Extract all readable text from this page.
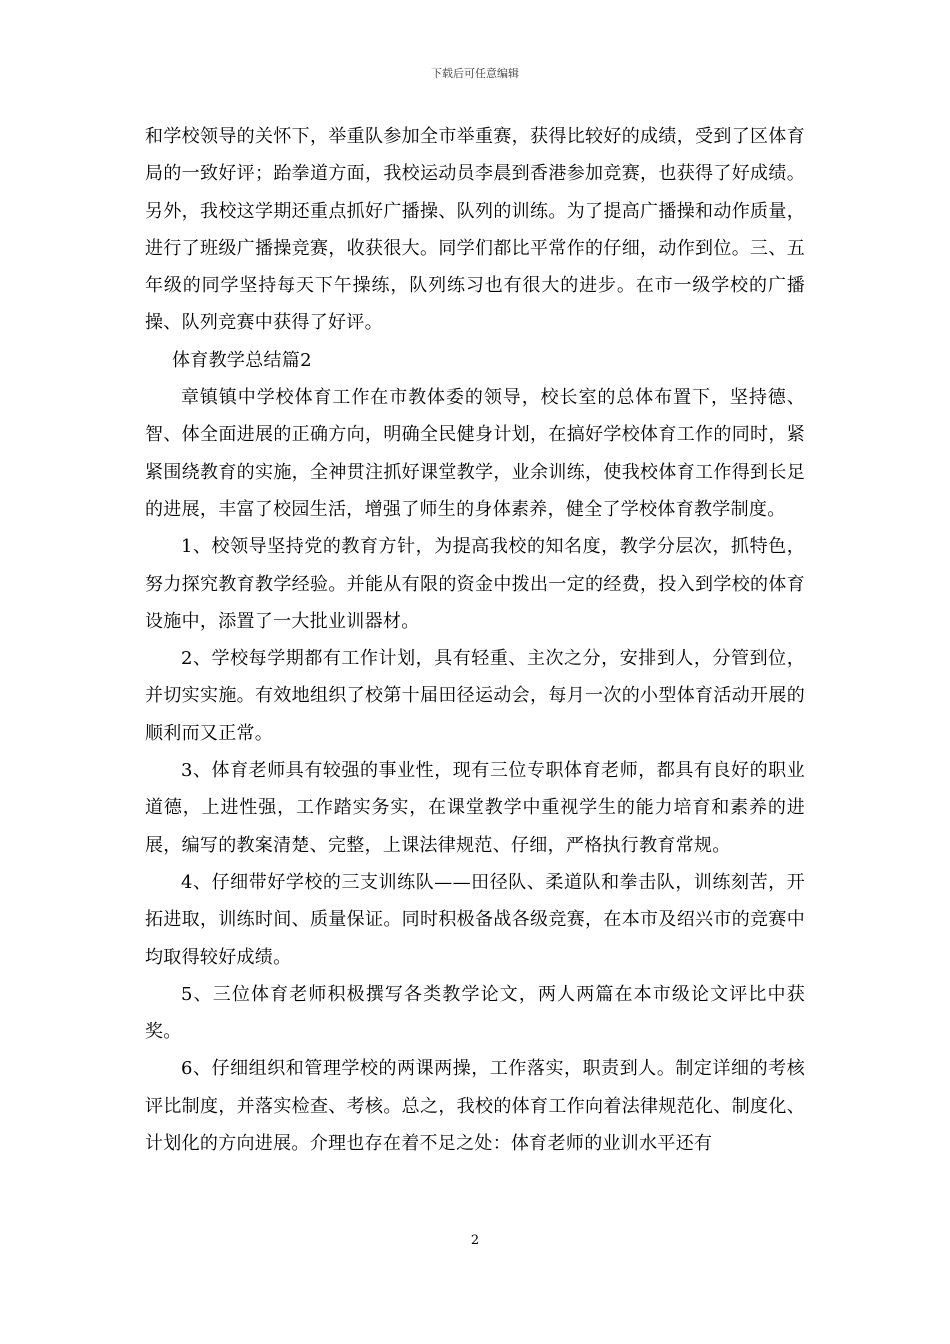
下载后可任意编辑

和学校领导的关怀下，举重队参加全市举重赛，获得比较好的成绩，受到了区体育局的一致好评；跆拳道方面，我校运动员李晨到香港参加竞赛，也获得了好成绩。另外，我校这学期还重点抓好广播操、队列的训练。为了提高广播操和动作质量，进行了班级广播操竞赛，收获很大。同学们都比平常作的仔细，动作到位。三、五年级的同学坚持每天下午操练，队列练习也有很大的进步。在市一级学校的广播操、队列竞赛中获得了好评。

体育教学总结篇2

章镇镇中学校体育工作在市教体委的领导，校长室的总体布置下，坚持德、智、体全面进展的正确方向，明确全民健身计划，在搞好学校体育工作的同时，紧紧围绕教育的实施，全神贯注抓好课堂教学，业余训练，使我校体育工作得到长足的进展，丰富了校园生活，增强了师生的身体素养，健全了学校体育教学制度。

1、校领导坚持党的教育方针，为提高我校的知名度，教学分层次，抓特色，努力探究教育教学经验。并能从有限的资金中拨出一定的经费，投入到学校的体育设施中，添置了一大批业训器材。

2、学校每学期都有工作计划，具有轻重、主次之分，安排到人，分管到位，并切实实施。有效地组织了校第十届田径运动会，每月一次的小型体育活动开展的顺利而又正常。

3、体育老师具有较强的事业性，现有三位专职体育老师，都具有良好的职业道德，上进性强，工作踏实务实，在课堂教学中重视学生的能力培育和素养的进展，编写的教案清楚、完整，上课法律规范、仔细，严格执行教育常规。

4、仔细带好学校的三支训练队——田径队、柔道队和拳击队，训练刻苦，开拓进取，训练时间、质量保证。同时积极备战各级竞赛，在本市及绍兴市的竞赛中均取得较好成绩。

5、三位体育老师积极撰写各类教学论文，两人两篇在本市级论文评比中获奖。

6、仔细组织和管理学校的两课两操，工作落实，职责到人。制定详细的考核评比制度，并落实检查、考核。总之，我校的体育工作向着法律规范化、制度化、计划化的方向进展。介理也存在着不足之处：体育老师的业训水平还有

2
